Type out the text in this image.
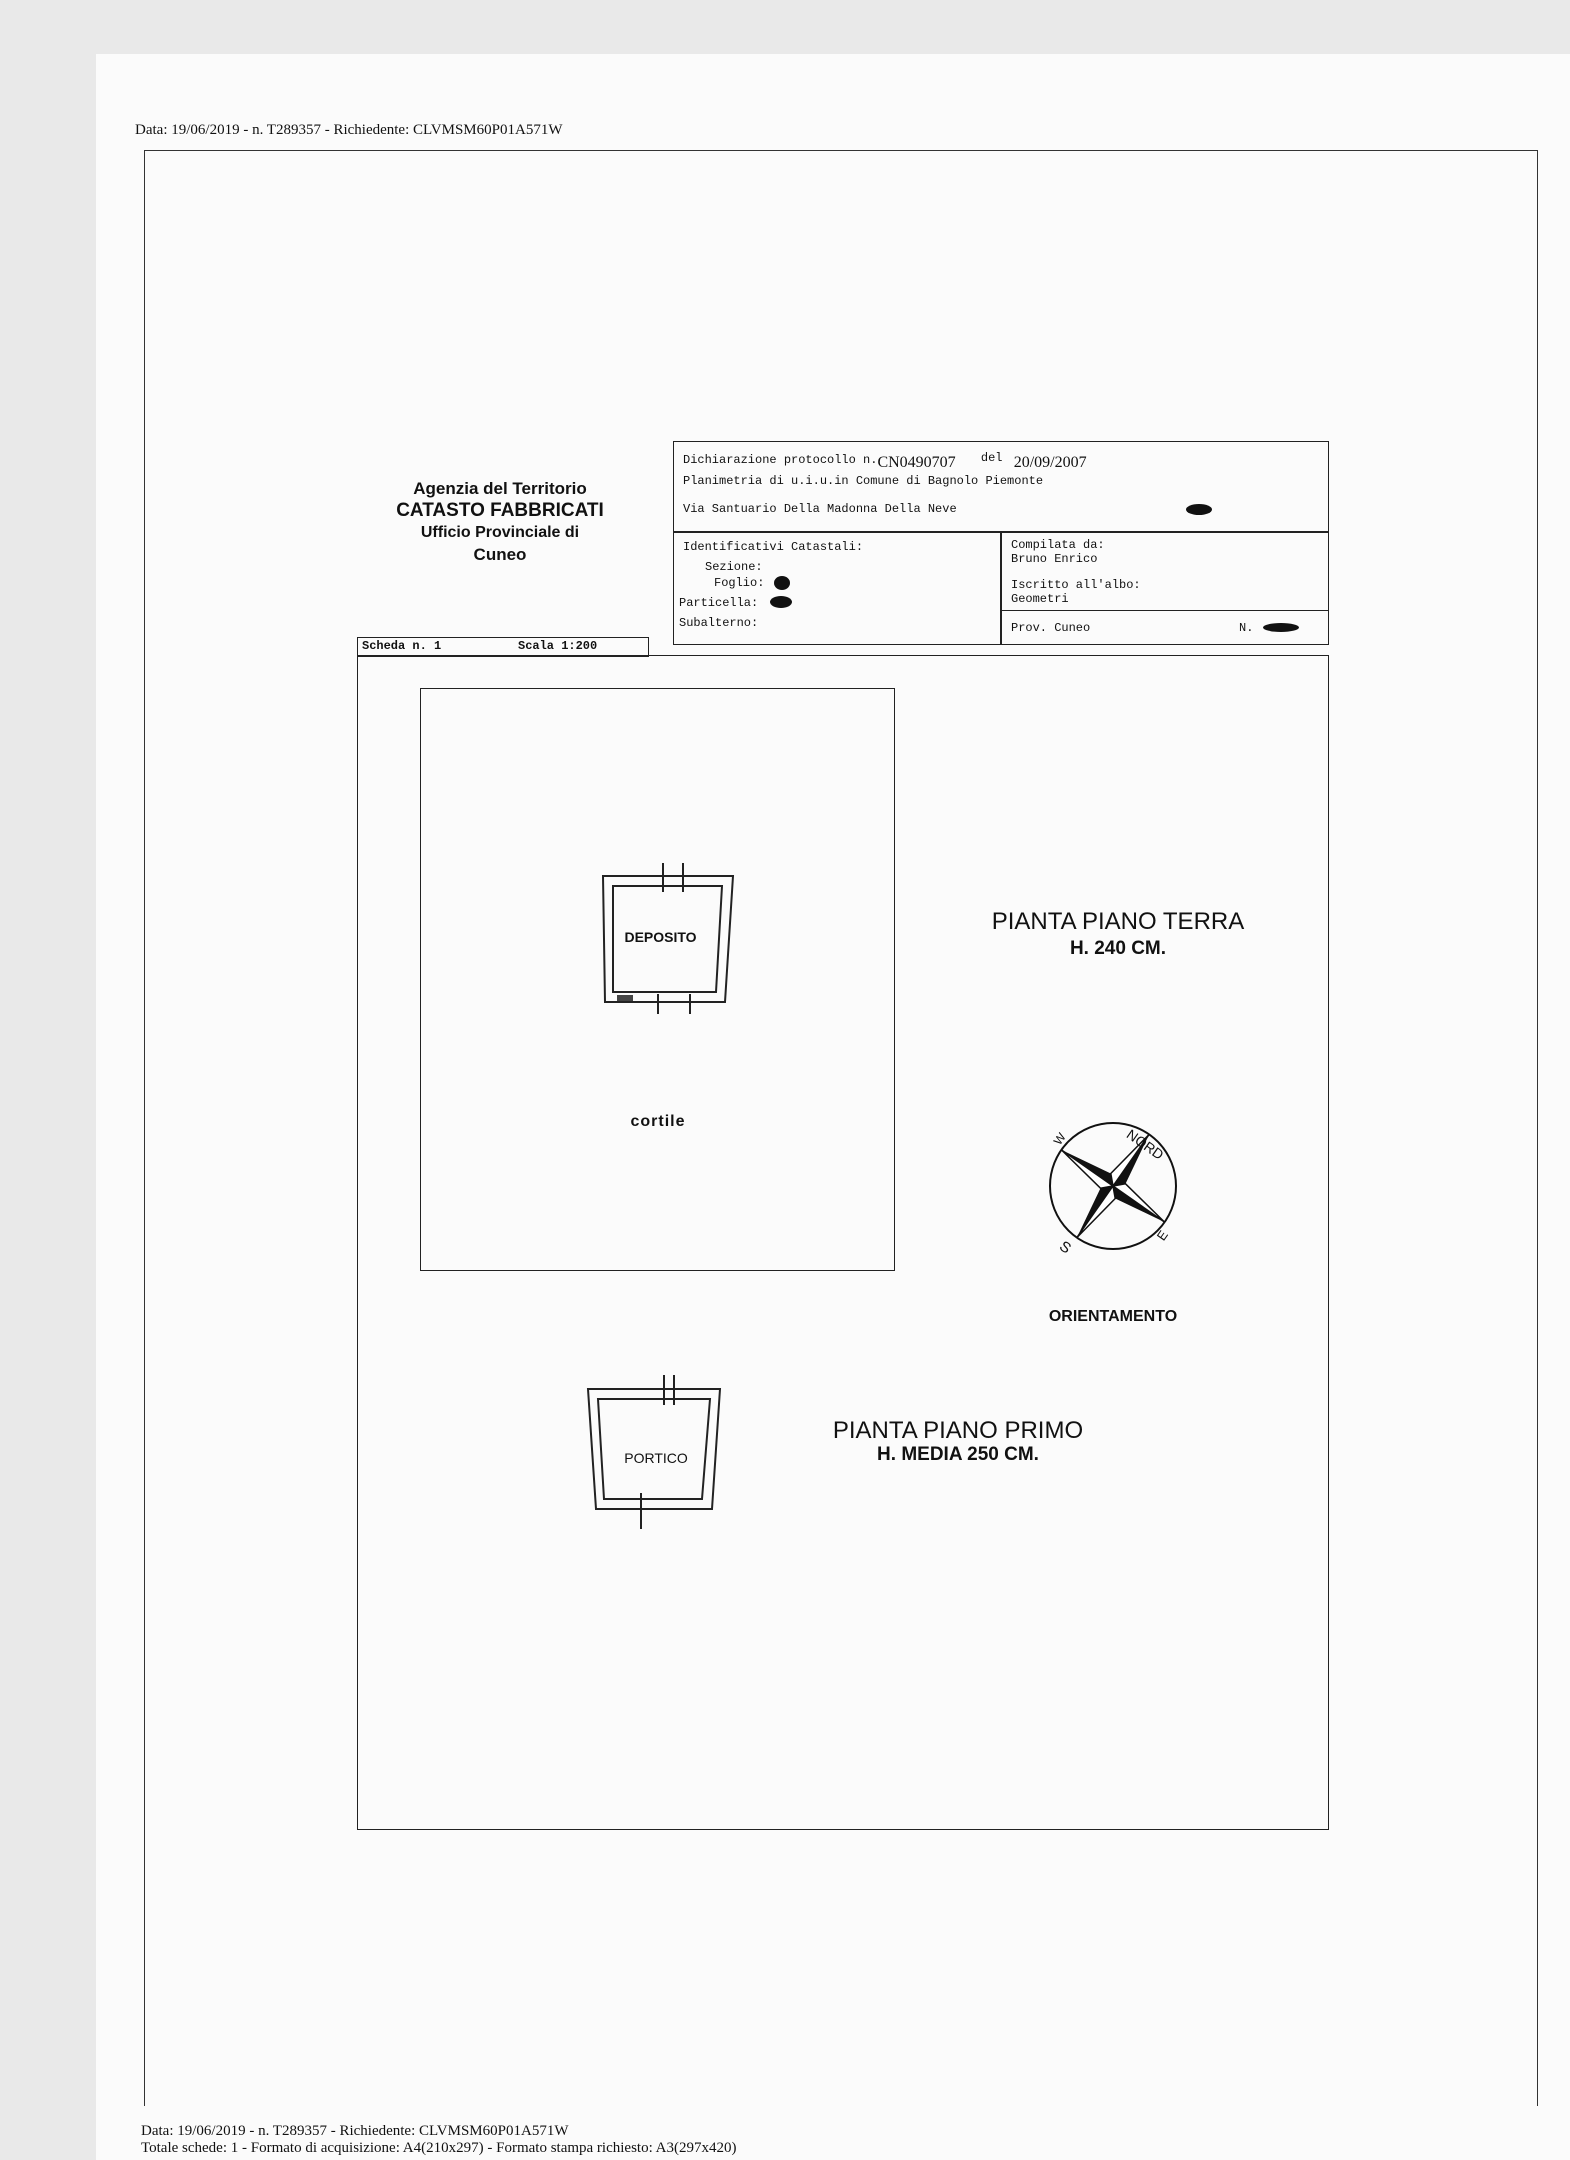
Data: 19/06/2019 - n. T289357 - Richiedente: CLVMSM60P01A571W
Agenzia del Territorio
CATASTO FABBRICATI
Ufficio Provinciale di
Cuneo
Dichiarazione protocollo n.CN0490707 del 20/09/2007
Planimetria di u.i.u.in Comune di Bagnolo Piemonte
Via Santuario Della Madonna Della Neve
Identificativi Catastali:
Sezione:
Foglio:
Particella:
Subalterno:
Compilata da:
Bruno Enrico
Iscritto all'albo:
Geometri
Prov. Cuneo	N.
Scheda n. 1	Scala 1:200
DEPOSITO
cortile
PORTICO
PIANTA PIANO TERRA
H. 240 CM.
PIANTA PIANO PRIMO
H. MEDIA 250 CM.
NORD
W
S
E
ORIENTAMENTO
Data: 19/06/2019 - n. T289357 - Richiedente: CLVMSM60P01A571W
Totale schede: 1 - Formato di acquisizione: A4(210x297) - Formato stampa richiesto: A3(297x420)
